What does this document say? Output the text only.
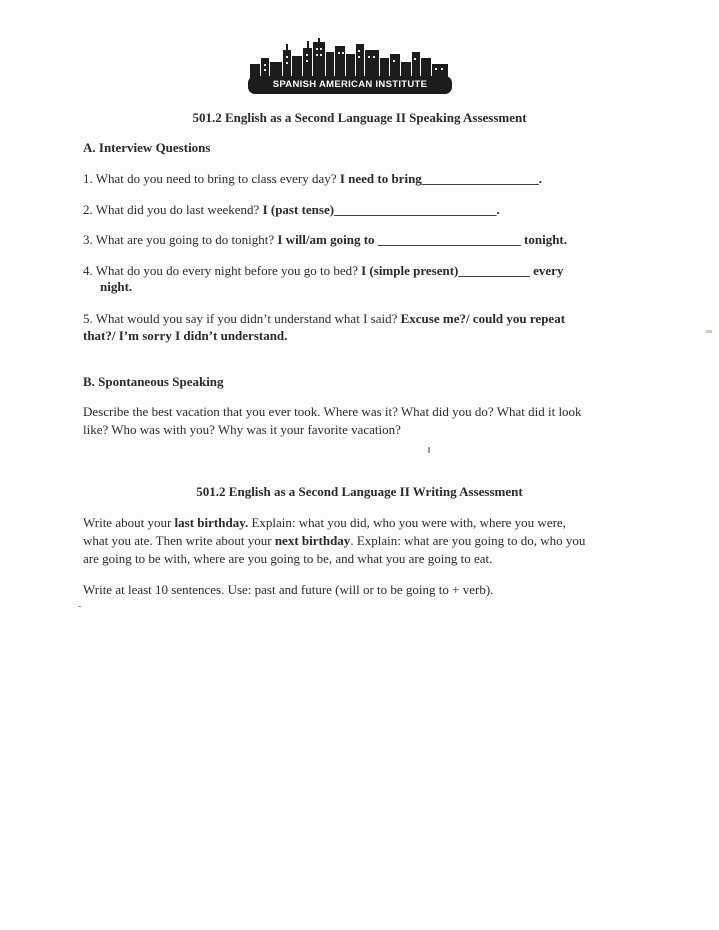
SPANISH AMERICAN INSTITUTE
501.2 English as a Second Language II Speaking Assessment
A. Interview Questions
1. What do you need to bring to class every day? I need to bring__________________.
2. What did you do last weekend? I (past tense)_________________________.
3. What are you going to do tonight? I will/am going to ______________________ tonight.
4. What do you do every night before you go to bed? I (simple present)___________ every
night.
5. What would you say if you didn’t understand what I said? Excuse me?/ could you repeat
that?/ I’m sorry I didn’t understand.
B. Spontaneous Speaking
Describe the best vacation that you ever took. Where was it? What did you do? What did it look
like? Who was with you? Why was it your favorite vacation?
501.2 English as a Second Language II Writing Assessment
Write about your last birthday. Explain: what you did, who you were with, where you were,
what you ate. Then write about your next birthday. Explain: what are you going to do, who you
are going to be with, where are you going to be, and what you are going to eat.
Write at least 10 sentences. Use: past and future (will or to be going to + verb).
